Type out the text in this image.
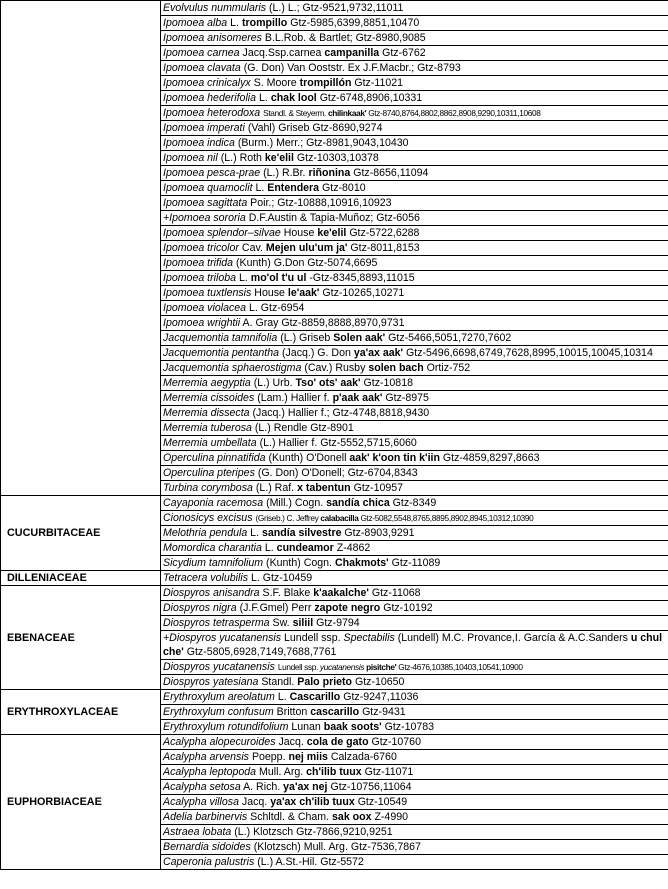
	Evolvulus nummularis (L.) L.; Gtz-9521,9732,11011
	Ipomoea alba L. trompillo Gtz-5985,6399,8851,10470
	Ipomoea anisomeres B.L.Rob. & Bartlet; Gtz-8980,9085
	Ipomoea carnea Jacq.Ssp.carnea campanilla Gtz-6762
	Ipomoea clavata (G. Don) Van Ooststr. Ex J.F.Macbr.; Gtz-8793
	Ipomoea crinicalyx S. Moore trompillón Gtz-11021
	Ipomoea hederifolia L. chak lool Gtz-6748,8906,10331
	Ipomoea heterodoxa Standl. & Steyerm. chilinkaak' Gtz-8740,8764,8802,8862,8908,9290,10311,10608
	Ipomoea imperati (Vahl) Griseb Gtz-8690,9274
	Ipomoea indica (Burm.) Merr.; Gtz-8981,9043,10430
	Ipomoea nil (L.) Roth ke'elil Gtz-10303,10378
	Ipomoea pesca-prae (L.) R.Br. riñonina Gtz-8656,11094
	Ipomoea quamoclit L. Entendera Gtz-8010
	Ipomoea sagittata Poir.; Gtz-10888,10916,10923
	+Ipomoea sororia D.F.Austin & Tapia-Muñoz; Gtz-6056
	Ipomoea splendor–silvae House ke'elil Gtz-5722,6288
	Ipomoea tricolor Cav. Mejen ulu'um ja' Gtz-8011,8153
	Ipomoea trifida (Kunth) G.Don Gtz-5074,6695
	Ipomoea triloba L. mo'ol t'u ul -Gtz-8345,8893,11015
	Ipomoea tuxtlensis House le'aak' Gtz-10265,10271
	Ipomoea violacea L. Gtz-6954
	Ipomoea wrightii A. Gray Gtz-8859,8888,8970,9731
	Jacquemontia tamnifolia (L.) Griseb Solen aak' Gtz-5466,5051,7270,7602
	Jacquemontia pentantha (Jacq.) G. Don ya'ax aak' Gtz-5496,6698,6749,7628,8995,10015,10045,10314
	Jacquemontia sphaerostigma (Cav.) Rusby solen bach Ortiz-752
	Merremia aegyptia (L.) Urb. Tso' ots' aak' Gtz-10818
	Merremia cissoides (Lam.) Hallier f. p'aak aak' Gtz-8975
	Merremia dissecta (Jacq.) Hallier f.; Gtz-4748,8818,9430
	Merremia tuberosa (L.) Rendle Gtz-8901
	Merremia umbellata (L.) Hallier f. Gtz-5552,5715,6060
	Operculina pinnatifida (Kunth) O'Donell aak' k'oon tin k'iin Gtz-4859,8297,8663
	Operculina pteripes (G. Don) O'Donell; Gtz-6704,8343
	Turbina corymbosa (L.) Raf. x tabentun Gtz-10957
CUCURBITACEAE	Cayaponia racemosa (Mill.) Cogn. sandía chica Gtz-8349
	Cionosicys excisus (Griseb.) C. Jeffrey calabacilla Gtz-5082,5548,8765,8895,8902,8945,10312,10390
	Melothria pendula L. sandía silvestre Gtz-8903,9291
	Momordica charantia L. cundeamor Z-4862
	Sicydium tamnifolium (Kunth) Cogn. Chakmots' Gtz-11089
DILLENIACEAE	Tetracera volubilis L. Gtz-10459
EBENACEAE	Diospyros anisandra S.F. Blake k'aakalche' Gtz-11068
	Diospyros nigra (J.F.Gmel) Perr zapote negro Gtz-10192
	Diospyros tetrasperma Sw. siliil Gtz-9794
	+Diospyros yucatanensis Lundell ssp. Spectabilis (Lundell) M.C. Provance,I. García & A.C.Sanders u chul che' Gtz-5805,6928,7149,7688,7761
	Diospyros yucatanensis Lundell ssp. yucatanensis pisitche' Gtz-4676,10385,10403,10541,10900
	Diospyros yatesiana Standl. Palo prieto Gtz-10650
ERYTHROXYLACEAE	Erythroxylum areolatum L. Cascarillo Gtz-9247,11036
	Erythroxylum confusum Britton cascarillo Gtz-9431
	Erythroxylum rotundifolium Lunan baak soots' Gtz-10783
EUPHORBIACEAE	Acalypha alopecuroides Jacq. cola de gato Gtz-10760
	Acalypha arvensis Poepp. nej miis Calzada-6760
	Acalypha leptopoda Mull. Arg. ch'ilib tuux Gtz-11071
	Acalypha setosa A. Rich. ya'ax nej Gtz-10756,11064
	Acalypha villosa Jacq. ya'ax ch'ilib tuux Gtz-10549
	Adelia barbinervis Schltdl. & Cham. sak oox Z-4990
	Astraea lobata (L.) Klotzsch Gtz-7866,9210,9251
	Bernardia sidoides (Klotzsch) Mull. Arg. Gtz-7536,7867
	Caperonia palustris (L.) A.St.-Hil. Gtz-5572
